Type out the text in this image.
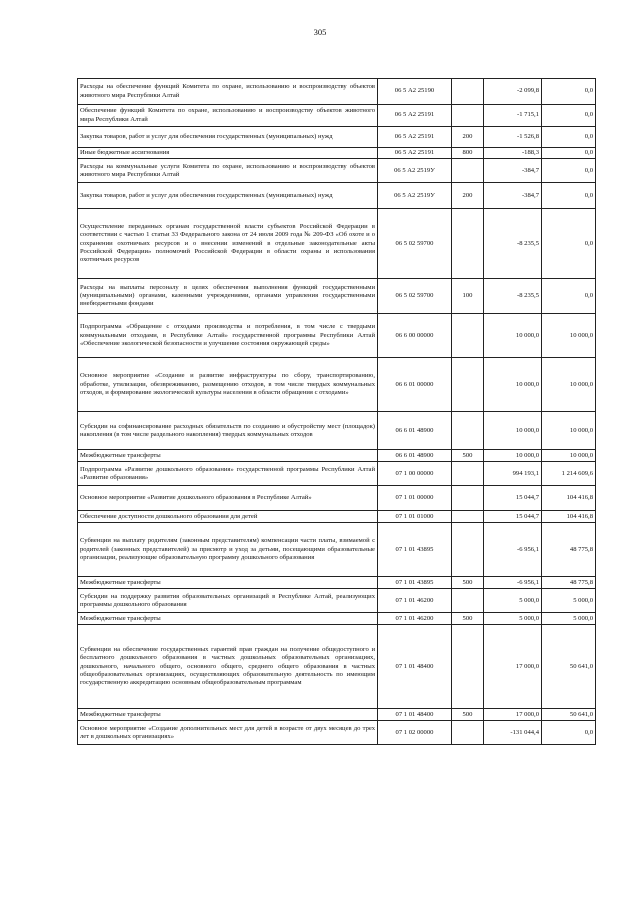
305
Расходы на обеспечение функций Комитета по охране, использованию и воспроизводству объектов животного мира Республики Алтай	06 5 А2 25190		-2 099,8	0,0
Обеспечение функций Комитета по охране, использованию и воспроизводству объектов животного мира Республики Алтай	06 5 А2 25191		-1 715,1	0,0
Закупка товаров, работ и услуг для обеспечения государственных (муниципальных) нужд	06 5 А2 25191	200	-1 526,8	0,0
Иные бюджетные ассигнования	06 5 А2 25191	800	-188,3	0,0
Расходы на коммунальные услуги Комитета по охране, использованию и воспроизводству объектов животного мира Республики Алтай	06 5 А2 2519У		-384,7	0,0
Закупка товаров, работ и услуг для обеспечения государственных (муниципальных) нужд	06 5 А2 2519У	200	-384,7	0,0
Осуществление переданных органам государственной власти субъектов Российской Федерации в соответствии с частью 1 статьи 33 Федерального закона от 24 июля 2009 года № 209-ФЗ «Об охоте и о сохранении охотничьих ресурсов и о внесении изменений в отдельные законодательные акты Российской Федерации» полномочий Российской Федерации в области охраны и использования охотничьих ресурсов	06 5 02 59700		-8 235,5	0,0
Расходы на выплаты персоналу в целях обеспечения выполнения функций государственными (муниципальными) органами, казенными учреждениями, органами управления государственными внебюджетными фондами	06 5 02 59700	100	-8 235,5	0,0
Подпрограмма «Обращение с отходами производства и потребления, в том числе с твердыми коммунальными отходами, в Республике Алтай» государственной программы Республики Алтай «Обеспечение экологической безопасности и улучшение состояния окружающей среды»	06 6 00 00000		10 000,0	10 000,0
Основное мероприятие «Создание и развитие инфраструктуры по сбору, транспортированию, обработке, утилизации, обезвреживанию, размещению отходов, в том числе твердых коммунальных отходов, и формирование экологической культуры населения в области обращения с отходами»	06 6 01 00000		10 000,0	10 000,0
Субсидии на софинансирование расходных обязательств по созданию и обустройству мест (площадок) накопления (в том числе раздельного накопления) твердых коммунальных отходов	06 6 01 48900		10 000,0	10 000,0
Межбюджетные трансферты	06 6 01 48900	500	10 000,0	10 000,0
Подпрограмма «Развитие дошкольного образования» государственной программы Республики Алтай «Развитие образования»	07 1 00 00000		994 193,1	1 214 609,6
Основное мероприятие «Развитие дошкольного образования в Республике Алтай»	07 1 01 00000		15 044,7	104 416,8
Обеспечение доступности дошкольного образования для детей	07 1 01 01000		15 044,7	104 416,8
Субвенции на выплату родителям (законным представителям) компенсации части платы, взимаемой с родителей (законных представителей) за присмотр и уход за детьми, посещающими образовательные организации, реализующие образовательную программу дошкольного образования	07 1 01 43895		-6 956,1	48 775,8
Межбюджетные трансферты	07 1 01 43895	500	-6 956,1	48 775,8
Субсидии на поддержку развития образовательных организаций в Республике Алтай, реализующих программы дошкольного образования	07 1 01 46200		5 000,0	5 000,0
Межбюджетные трансферты	07 1 01 46200	500	5 000,0	5 000,0
Субвенции на обеспечение государственных гарантий прав граждан на получение общедоступного и бесплатного дошкольного образования в частных дошкольных образовательных организациях, дошкольного, начального общего, основного общего, среднего общего образования в частных общеобразовательных организациях, осуществляющих образовательную деятельность по имеющим государственную аккредитацию основным общеобразовательным программам	07 1 01 48400		17 000,0	50 641,0
Межбюджетные трансферты	07 1 01 48400	500	17 000,0	50 641,0
Основное мероприятие «Создание дополнительных мест для детей в возрасте от двух месяцев до трех лет в дошкольных организациях»	07 1 02 00000		-131 044,4	0,0
